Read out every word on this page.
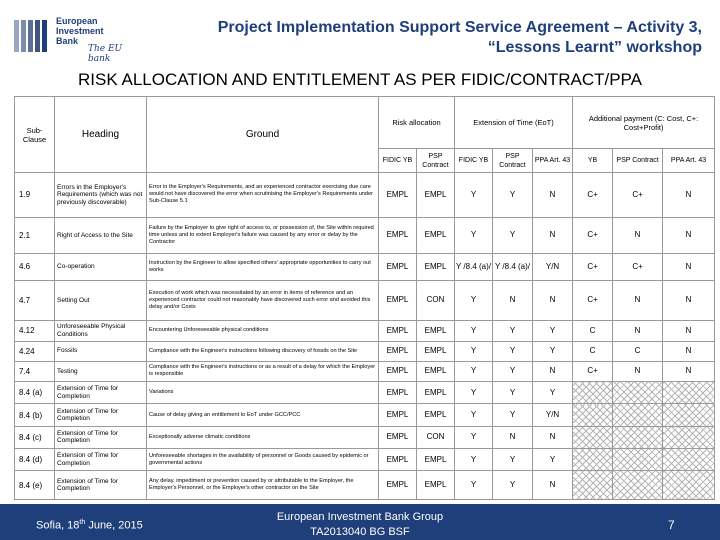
European
Investment
Bank
The EU bank
Project Implementation Support Service Agreement – Activity 3,
“Lessons Learnt” workshop
RISK ALLOCATION AND ENTITLEMENT AS PER FIDIC/CONTRACT/PPA
Sub-Clause	Heading	Ground	Risk allocation		Extension of Time (EoT)			Additional payment (C: Cost, C+: Cost+Profit)		
			FIDIC YB	PSP Contract	FIDIC YB	PSP Contract	PPA Art. 43	YB	PSP Contract	PPA Art. 43
1.9	Errors in the Employer's Requirements (which was not previously discoverable)	Error in the Employer's Requirements, and an experienced contractor exercising due care would not have discovered the error when scrutinising the Employer's Requirements under Sub-Clause 5.1	EMPL	EMPL	Y	Y	N	C+	C+	N
2.1	Right of Access to the Site	Failure by the Employer to give right of access to, or possession of, the Site within required time unless and to extent Employer's failure was caused by any error or delay by the Contractor	EMPL	EMPL	Y	Y	N	C+	N	N
4.6	Co-operation	Instruction by the Engineer to allow specified others' appropriate opportunities to carry out works	EMPL	EMPL	Y /8.4 (a)/	Y /8.4 (a)/	Y/N	C+	C+	N
4.7	Setting Out	Execution of work which was necessitated by an error in items of reference and an experienced contractor could not reasonably have discovered such error and avoided this delay and/or Costs	EMPL	CON	Y	N	N	C+	N	N
4.12	Unforeseeable Physical Conditions	Encountering Unforeseeable physical conditions	EMPL	EMPL	Y	Y	Y	C	N	N
4.24	Fossils	Compliance with the Engineer's instructions following discovery of fossils on the Site	EMPL	EMPL	Y	Y	Y	C	C	N
7.4	Testing	Compliance with the Engineer's instructions or as a result of a delay for which the Employer is responsible	EMPL	EMPL	Y	Y	N	C+	N	N
8.4 (a)	Extension of Time for Completion	Variations	EMPL	EMPL	Y	Y	Y			
8.4 (b)	Extension of Time for Completion	Cause of delay giving an entitlement to EoT under GCC/PCC	EMPL	EMPL	Y	Y	Y/N			
8.4 (c)	Extension of Time for Completion	Exceptionally adverse climatic conditions	EMPL	CON	Y	N	N			
8.4 (d)	Extension of Time for Completion	Unforeseeable shortages in the availability of personnel or Goods caused by epidemic or governmental actions	EMPL	EMPL	Y	Y	Y			
8.4 (e)	Extension of Time for Completion	Any delay, impediment or prevention caused by or attributable to the Employer, the Employer's Personnel, or the Employer's other contractor on the Site	EMPL	EMPL	Y	Y	N			
Sofia, 18th June, 2015
European Investment Bank Group
TA2013040 BG BSF	7
